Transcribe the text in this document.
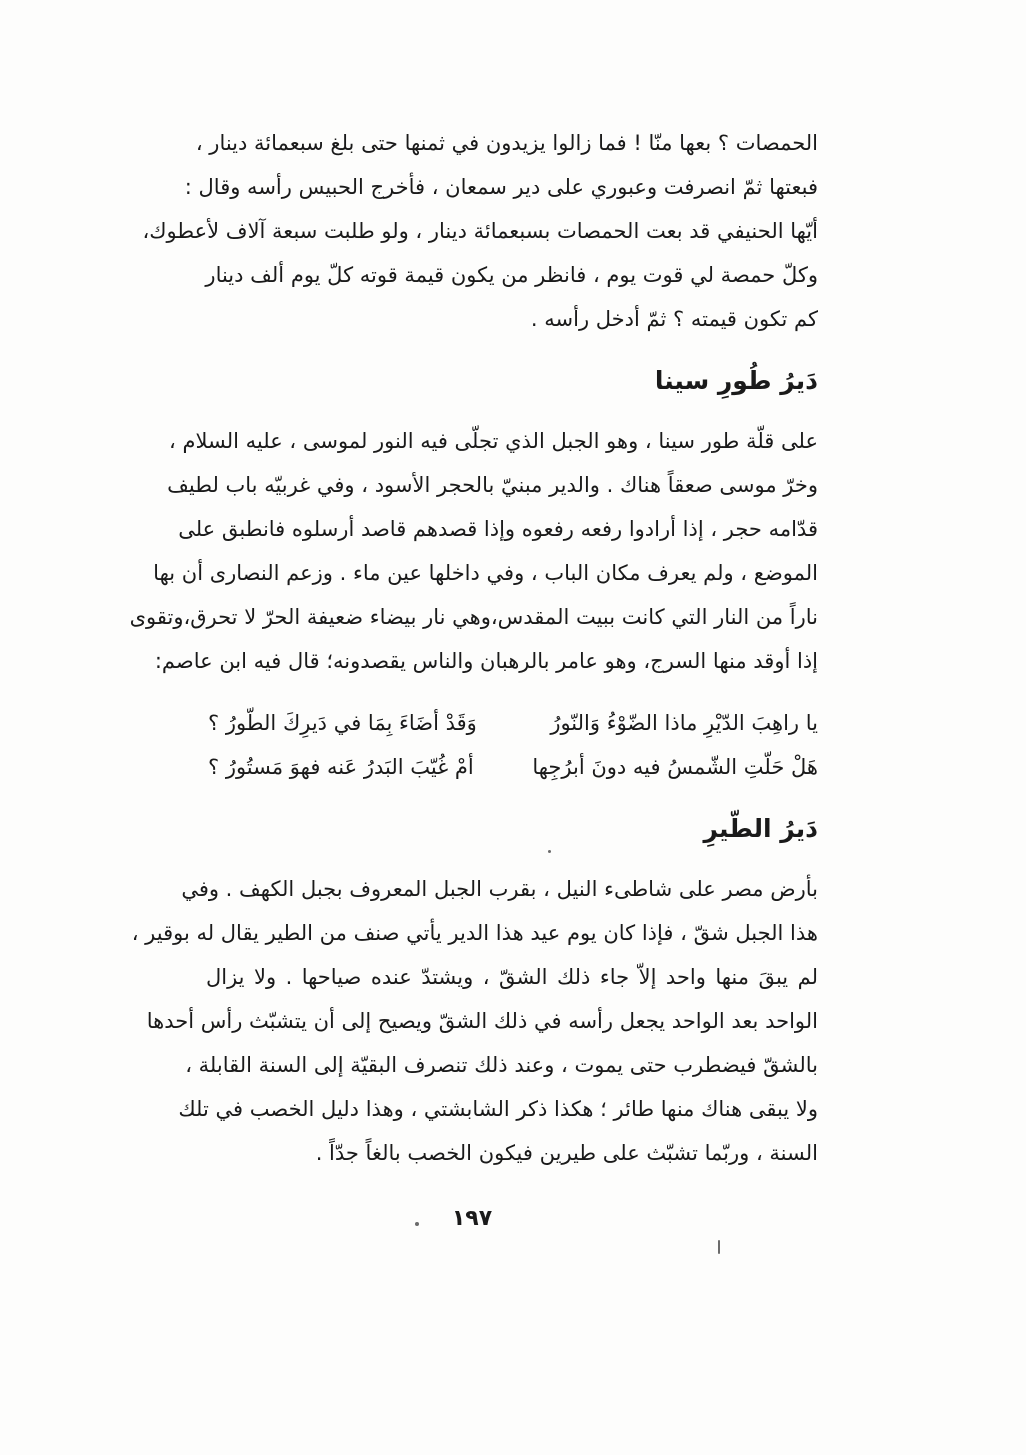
الحمصات ؟ بعها منّا ! فما زالوا يزيدون في ثمنها حتى بلغ سبعمائة دينار ،
فبعتها ثمّ انصرفت وعبوري على دير سمعان ، فأخرج الحبيس رأسه وقال :
أيّها الحنيفي قد بعت الحمصات بسبعمائة دينار ، ولو طلبت سبعة آلاف لأعطوك،
وكلّ حمصة لي قوت يوم ، فانظر من يكون قيمة قوته كلّ يوم ألف دينار
كم تكون قيمته ؟ ثمّ أدخل رأسه .
دَيرُ طُورِ سينا
على قلّة طور سينا ، وهو الجبل الذي تجلّى فيه النور لموسى ، عليه السلام ،
وخرّ موسى صعقاً هناك . والدير مبنيّ بالحجر الأسود ، وفي غربيّه باب لطيف
قدّامه حجر ، إذا أرادوا رفعه رفعوه وإذا قصدهم قاصد أرسلوه فانطبق على
الموضع ، ولم يعرف مكان الباب ، وفي داخلها عين ماء . وزعم النصارى أن بها
ناراً من النار التي كانت ببيت المقدس،وهي نار بيضاء ضعيفة الحرّ لا تحرق،وتقوى
إذا أوقد منها السرج، وهو عامر بالرهبان والناس يقصدونه؛ قال فيه ابن عاصم:
يا راهِبَ الدّيْرِ ماذا الضّوْءُ وَالنّورُ
وَقَدْ أضَاءَ بِمَا في دَيرِكَ الطّورُ ؟
هَلْ حَلّتِ الشّمسُ فيه دونَ أبرُجِها
أمْ غُيّبَ البَدرُ عَنه فهوَ مَستُورُ ؟
دَيرُ الطّيرِ
بأرض مصر على شاطىء النيل ، بقرب الجبل المعروف بجبل الكهف . وفي
هذا الجبل شقّ ، فإذا كان يوم عيد هذا الدير يأتي صنف من الطير يقال له بوقير ،
لم يبقَ منها واحد إلاّ جاء ذلك الشقّ ، ويشتدّ عنده صياحها . ولا يزال
الواحد بعد الواحد يجعل رأسه في ذلك الشقّ ويصيح إلى أن يتشبّث رأس أحدها
بالشقّ فيضطرب حتى يموت ، وعند ذلك تنصرف البقيّة إلى السنة القابلة ،
ولا يبقى هناك منها طائر ؛ هكذا ذكر الشابشتي ، وهذا دليل الخصب في تلك
السنة ، وربّما تشبّث على طيرين فيكون الخصب بالغاً جدّاً .
١٩٧
